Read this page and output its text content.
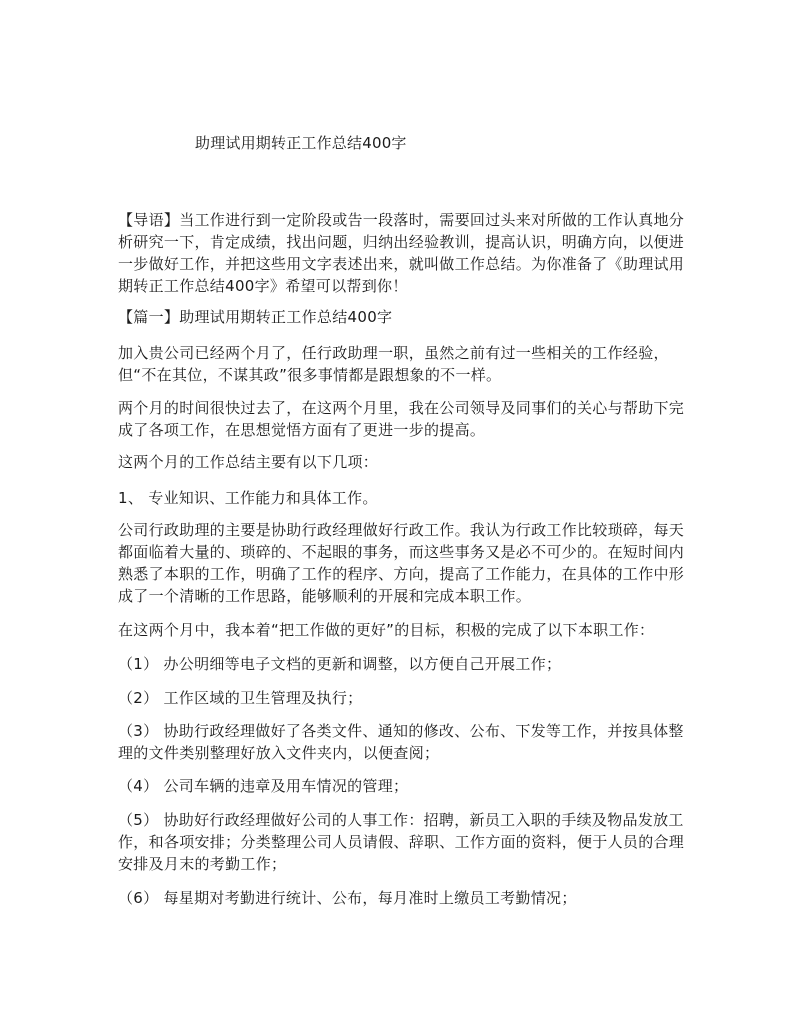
助理试用期转正工作总结400字

【导语】当工作进行到一定阶段或告一段落时，需要回过头来对所做的工作认真地分析研究一下，肯定成绩，找出问题，归纳出经验教训，提高认识，明确方向，以便进一步做好工作，并把这些用文字表述出来，就叫做工作总结。为你准备了《助理试用期转正工作总结400字》希望可以帮到你！

【篇一】助理试用期转正工作总结400字

加入贵公司已经两个月了，任行政助理一职，虽然之前有过一些相关的工作经验，但“不在其位，不谋其政”很多事情都是跟想象的不一样。

两个月的时间很快过去了，在这两个月里，我在公司领导及同事们的关心与帮助下完成了各项工作，在思想觉悟方面有了更进一步的提高。

这两个月的工作总结主要有以下几项：

1、 专业知识、工作能力和具体工作。

公司行政助理的主要是协助行政经理做好行政工作。我认为行政工作比较琐碎，每天都面临着大量的、琐碎的、不起眼的事务，而这些事务又是必不可少的。在短时间内熟悉了本职的工作，明确了工作的程序、方向，提高了工作能力，在具体的工作中形成了一个清晰的工作思路，能够顺利的开展和完成本职工作。

在这两个月中，我本着“把工作做的更好”的目标，积极的完成了以下本职工作：

（1） 办公明细等电子文档的更新和调整，以方便自己开展工作；

（2） 工作区域的卫生管理及执行；

（3） 协助行政经理做好了各类文件、通知的修改、公布、下发等工作，并按具体整理的文件类别整理好放入文件夹内，以便查阅；

（4） 公司车辆的违章及用车情况的管理；

（5） 协助好行政经理做好公司的人事工作：招聘，新员工入职的手续及物品发放工作，和各项安排；分类整理公司人员请假、辞职、工作方面的资料，便于人员的合理安排及月末的考勤工作；

（6） 每星期对考勤进行统计、公布，每月准时上缴员工考勤情况；
